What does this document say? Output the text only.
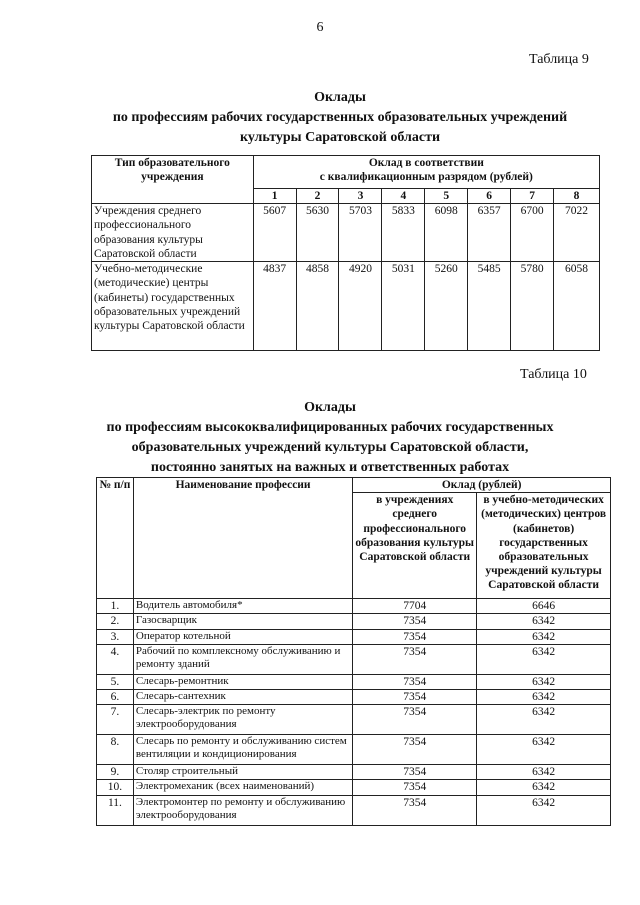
6
Таблица 9
Оклады
по профессиям рабочих государственных образовательных учреждений
культуры Саратовской области
Тип образовательного учреждения	Оклад в соответствии
с квалификационным разрядом (рублей)							

	1	2	3	4	5	6	7	8
Учреждения среднего профессионального образования культуры Саратовской области	5607	5630	5703	5833	6098	6357	6700	7022
Учебно-методические (методические) центры (кабинеты) государственных образовательных учреждений культуры Саратовской области	4837	4858	4920	5031	5260	5485	5780	6058
Таблица 10
Оклады
по профессиям высококвалифицированных рабочих государственных
образовательных учреждений культуры Саратовской области,
постоянно занятых на важных и ответственных работах
№ п/п	Наименование профессии	Оклад (рублей)	
		в учреждениях среднего профессионального образования культуры Саратовской области	в учебно-методических (методических) центров (кабинетов) государственных образовательных учреждений культуры Саратовской области
1.	Водитель автомобиля*	7704	6646
2.	Газосварщик	7354	6342
3.	Оператор котельной	7354	6342
4.	Рабочий по комплексному обслуживанию и ремонту зданий	7354	6342
5.	Слесарь-ремонтник	7354	6342
6.	Слесарь-сантехник	7354	6342
7.	Слесарь-электрик по ремонту электрооборудования	7354	6342
8.	Слесарь по ремонту и обслуживанию систем вентиляции и кондиционирования	7354	6342
9.	Столяр строительный	7354	6342
10.	Электромеханик (всех наименований)	7354	6342
11.	Электромонтер по ремонту и обслуживанию электрооборудования	7354	6342
